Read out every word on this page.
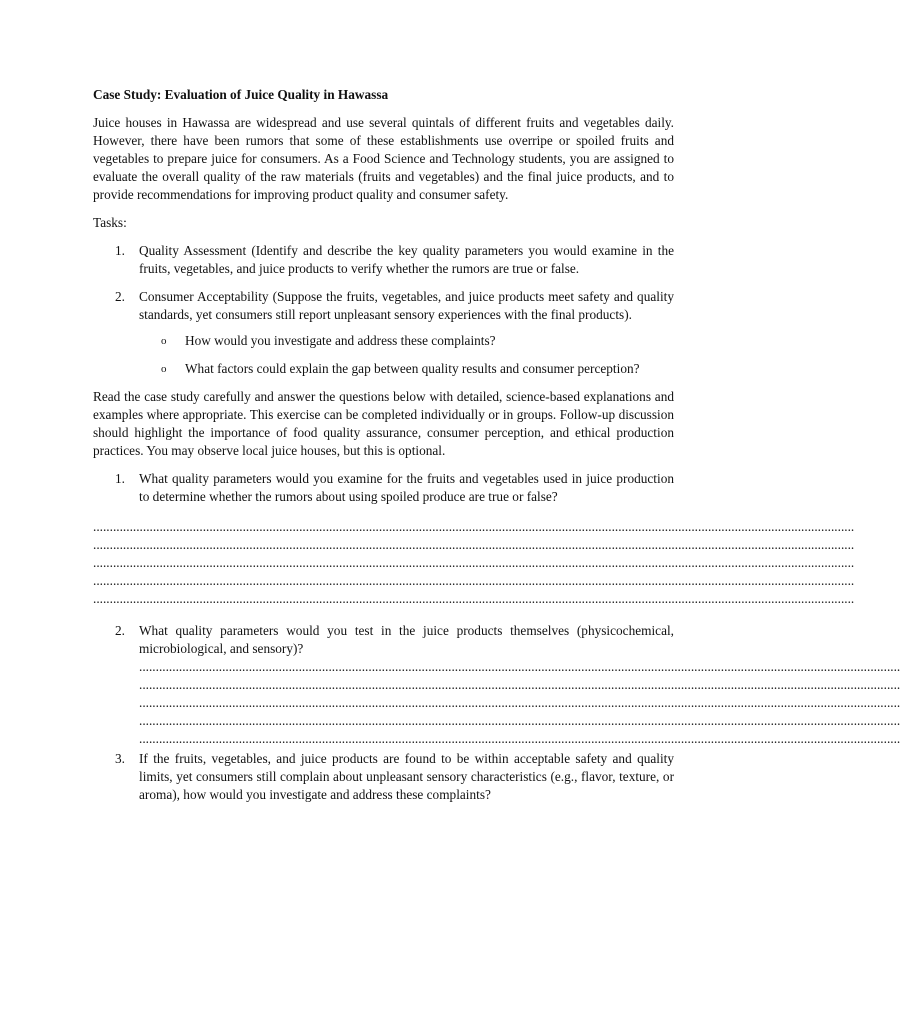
Case Study: Evaluation of Juice Quality in Hawassa

Juice houses in Hawassa are widespread and use several quintals of different fruits and vegetables daily. However, there have been rumors that some of these establishments use overripe or spoiled fruits and vegetables to prepare juice for consumers. As a Food Science and Technology students, you are assigned to evaluate the overall quality of the raw materials (fruits and vegetables) and the final juice products, and to provide recommendations for improving product quality and consumer safety.

Tasks:

1. Quality Assessment (Identify and describe the key quality parameters you would examine in the fruits, vegetables, and juice products to verify whether the rumors are true or false.
2. Consumer Acceptability (Suppose the fruits, vegetables, and juice products meet safety and quality standards, yet consumers still report unpleasant sensory experiences with the final products).
o How would you investigate and address these complaints?
o What factors could explain the gap between quality results and consumer perception?

Read the case study carefully and answer the questions below with detailed, science-based explanations and examples where appropriate. This exercise can be completed individually or in groups. Follow-up discussion should highlight the importance of food quality assurance, consumer perception, and ethical production practices. You may observe local juice houses, but this is optional.

1. What quality parameters would you examine for the fruits and vegetables used in juice production to determine whether the rumors about using spoiled produce are true or false?
.....................................................................................................................................................................................................................................
.....................................................................................................................................................................................................................................
.....................................................................................................................................................................................................................................
.....................................................................................................................................................................................................................................
.....................................................................................................................................................................................................................................
2. What quality parameters would you test in the juice products themselves (physicochemical, microbiological, and sensory)?
.....................................................................................................................................................................................................................................
.....................................................................................................................................................................................................................................
.....................................................................................................................................................................................................................................
.....................................................................................................................................................................................................................................
.....................................................................................................................................................................................................................................
3. If the fruits, vegetables, and juice products are found to be within acceptable safety and quality limits, yet consumers still complain about unpleasant sensory characteristics (e.g., flavor, texture, or aroma), how would you investigate and address these complaints?
